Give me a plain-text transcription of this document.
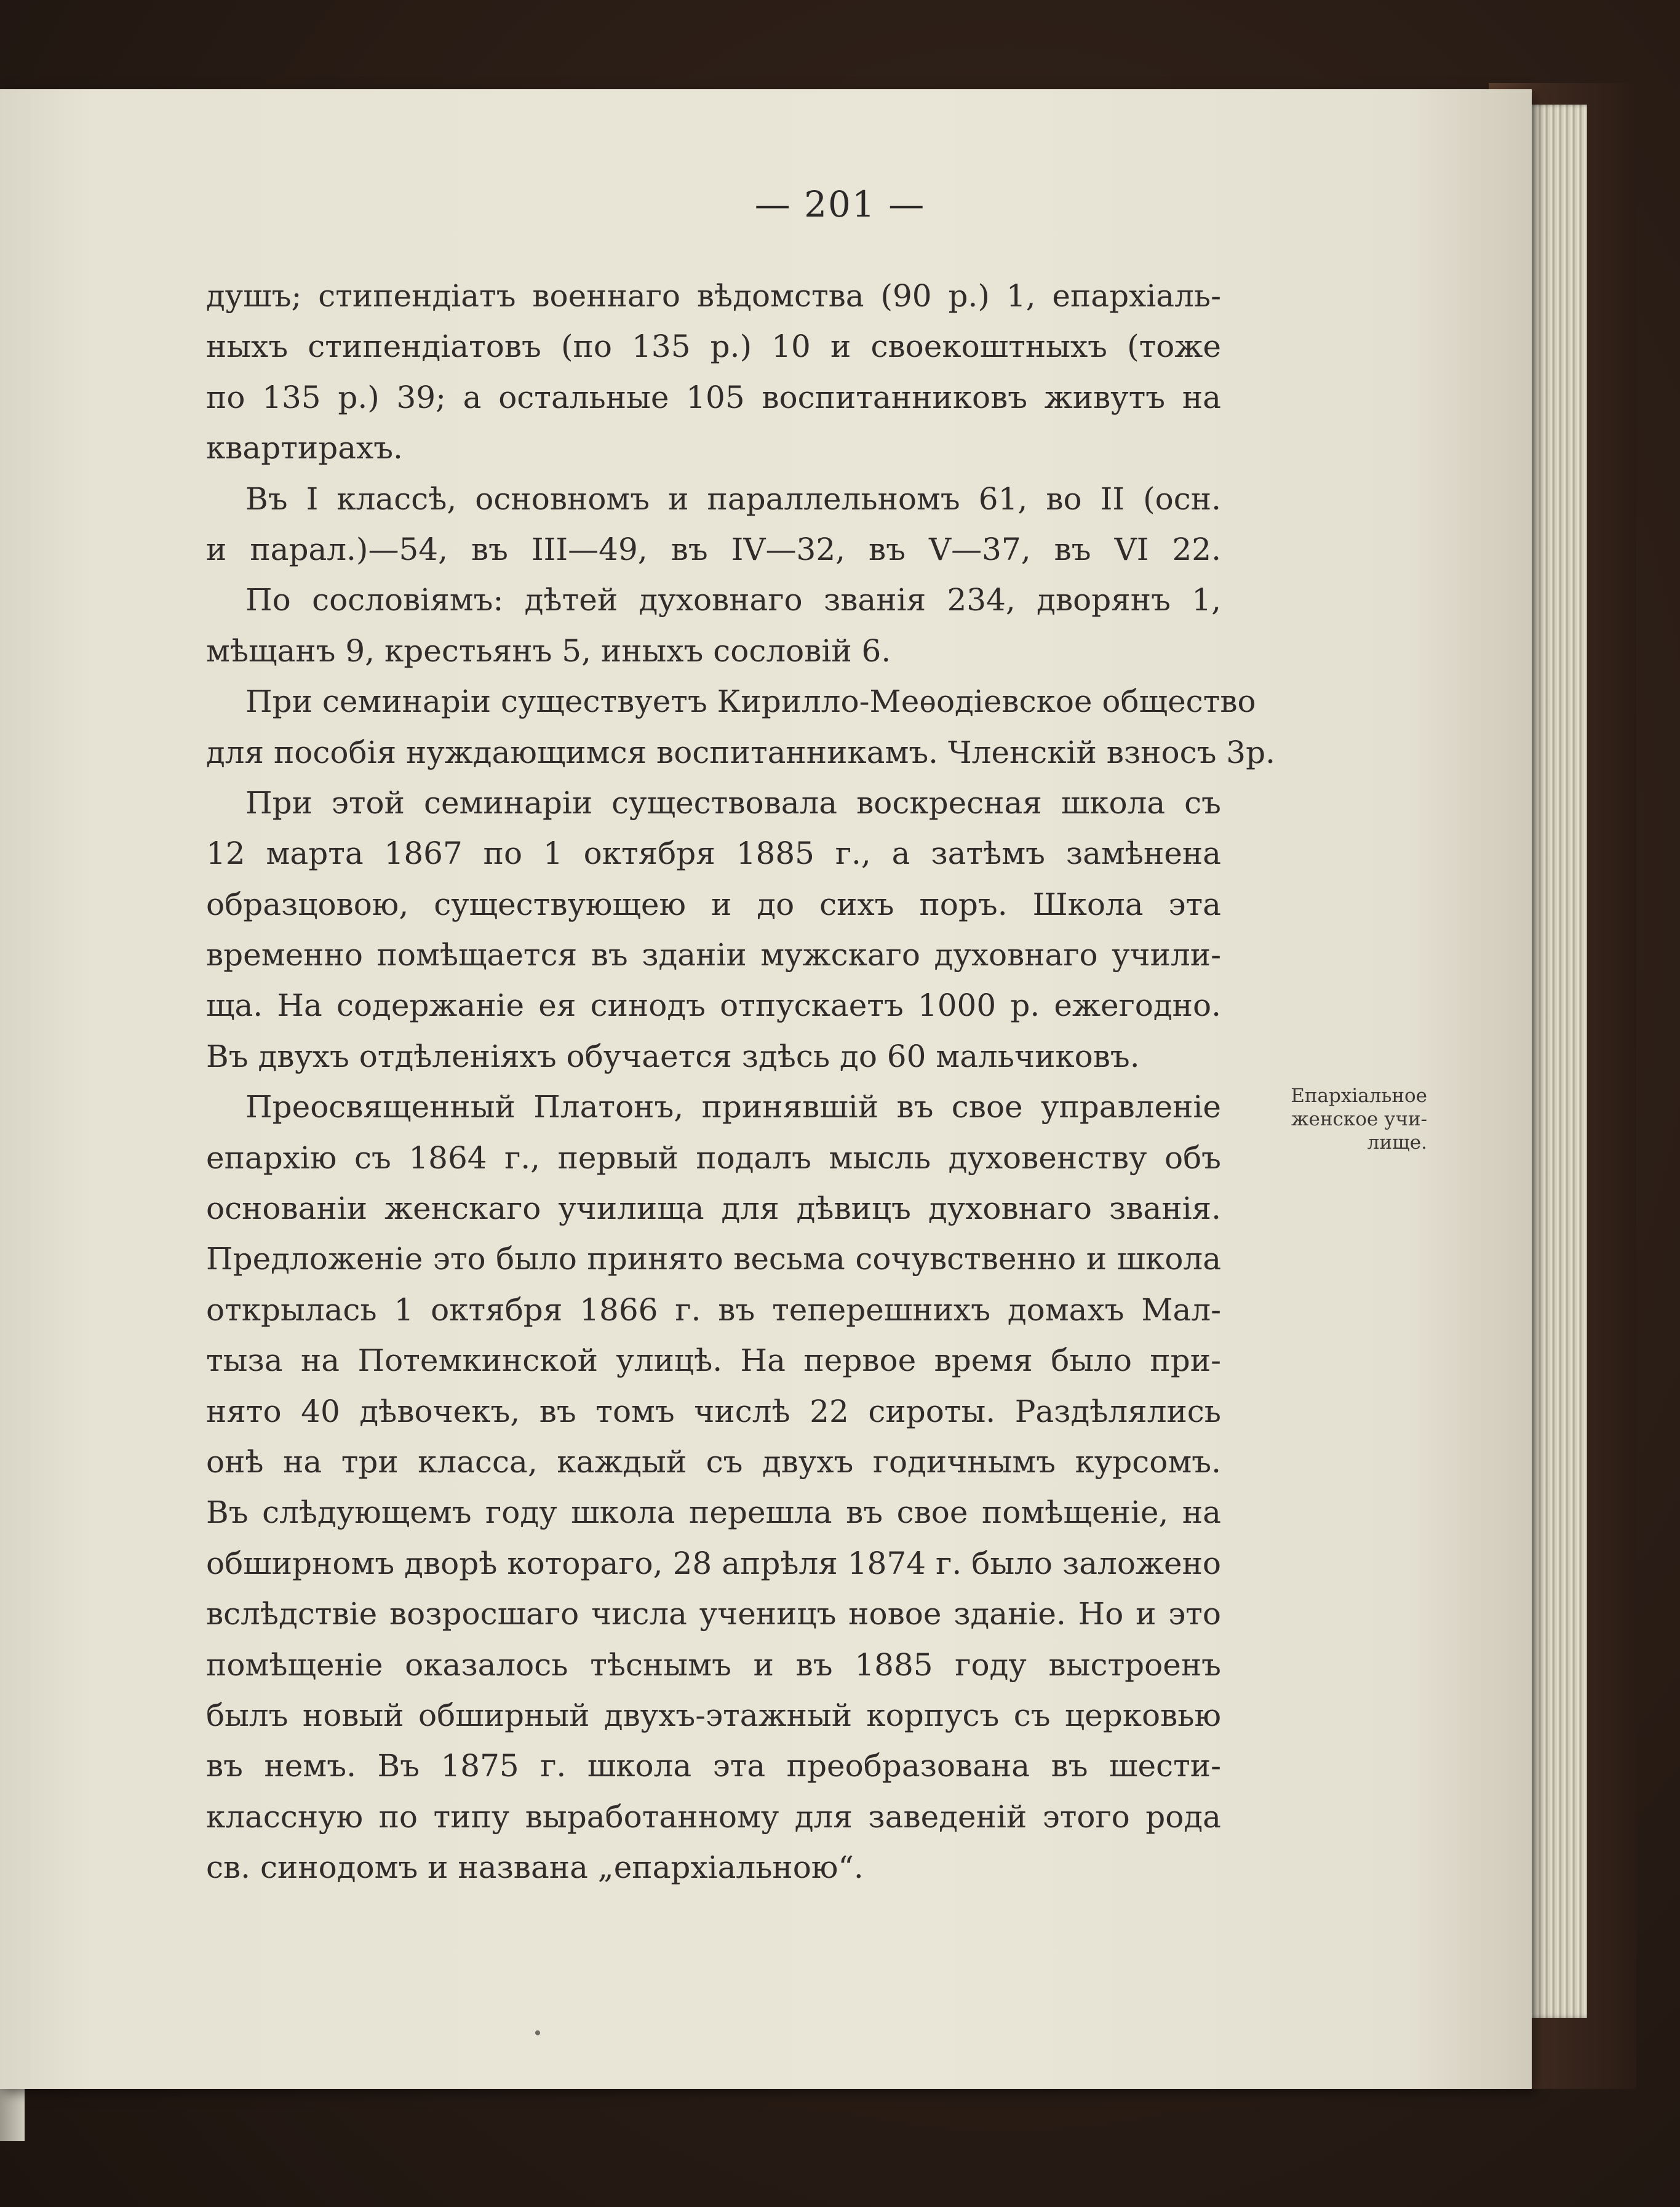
— 201 —
душъ; стипендіатъ военнаго вѣдомства (90 р.) 1, епархіаль-
ныхъ стипендіатовъ (по 135 р.) 10 и своекоштныхъ (тоже
по 135 р.) 39; а остальные 105 воспитанниковъ живутъ на
квартирахъ.
Въ I классѣ, основномъ и параллельномъ 61, во II (осн.
и парал.)—54, въ III—49, въ IV—32, въ V—37, въ VI 22.
По сословіямъ: дѣтей духовнаго званія 234, дворянъ 1,
мѣщанъ 9, крестьянъ 5, иныхъ сословій 6.
При семинаріи существуетъ Кирилло-Меѳодіевское общество
для пособія нуждающимся воспитанникамъ. Членскій взносъ 3р.
При этой семинаріи существовала воскресная школа съ
12 марта 1867 по 1 октября 1885 г., а затѣмъ замѣнена
образцовою, существующею и до сихъ поръ. Школа эта
временно помѣщается въ зданіи мужскаго духовнаго учили-
ща. На содержаніе ея синодъ отпускаетъ 1000 р. ежегодно.
Въ двухъ отдѣленіяхъ обучается здѣсь до 60 мальчиковъ.
Преосвященный Платонъ, принявшій въ свое управленіе
епархію съ 1864 г., первый подалъ мысль духовенству объ
основаніи женскаго училища для дѣвицъ духовнаго званія.
Предложеніе это было принято весьма сочувственно и школа
открылась 1 октября 1866 г. въ теперешнихъ домахъ Мал-
тыза на Потемкинской улицѣ. На первое время было при-
нято 40 дѣвочекъ, въ томъ числѣ 22 сироты. Раздѣлялись
онѣ на три класса, каждый съ двухъ годичнымъ курсомъ.
Въ слѣдующемъ году школа перешла въ свое помѣщеніе, на
обширномъ дворѣ котораго, 28 апрѣля 1874 г. было заложено
вслѣдствіе возросшаго числа ученицъ новое зданіе. Но и это
помѣщеніе оказалось тѣснымъ и въ 1885 году выстроенъ
былъ новый обширный двухъ-этажный корпусъ съ церковью
въ немъ. Въ 1875 г. школа эта преобразована въ шести-
классную по типу выработанному для заведеній этого рода
св. синодомъ и названа „епархіальною“.
Епархіальное
женское учи-
лище.
